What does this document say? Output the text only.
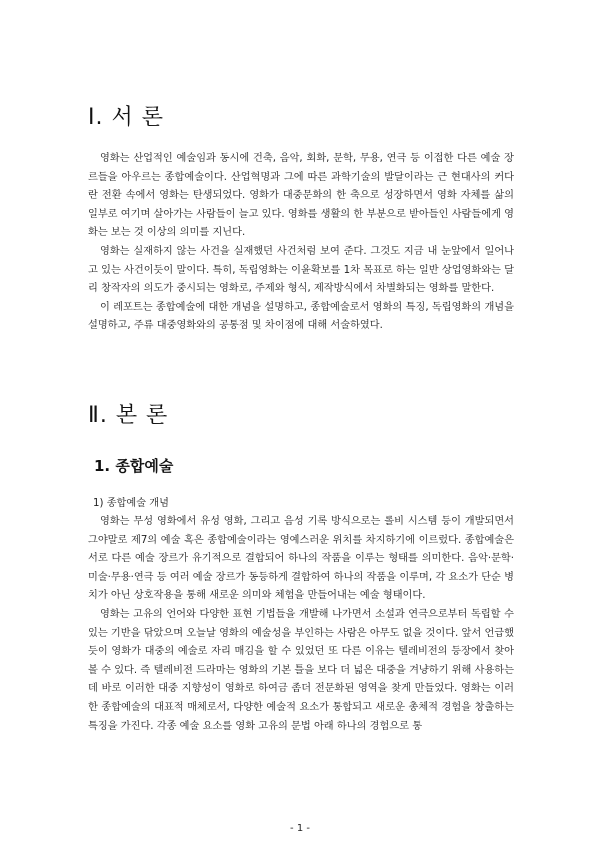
Ⅰ. 서 론

영화는 산업적인 예술임과 동시에 건축, 음악, 회화, 문학, 무용, 연극 등 이접한 다른 예술 장르들을 아우르는 종합예술이다. 산업혁명과 그에 따른 과학기술의 발달이라는 근 현대사의 커다란 전환 속에서 영화는 탄생되었다. 영화가 대중문화의 한 축으로 성장하면서 영화 자체를 삶의 일부로 여기며 살아가는 사람들이 늘고 있다. 영화를 생활의 한 부분으로 받아들인 사람들에게 영화는 보는 것 이상의 의미를 지닌다.

영화는 실재하지 않는 사건을 실재했던 사건처럼 보여 준다. 그것도 지금 내 눈앞에서 일어나고 있는 사건이듯이 말이다. 특히, 독립영화는 이윤확보를 1차 목표로 하는 일반 상업영화와는 달리 창작자의 의도가 중시되는 영화로, 주제와 형식, 제작방식에서 차별화되는 영화를 말한다.

이 레포트는 종합예술에 대한 개념을 설명하고, 종합예술로서 영화의 특징, 독립영화의 개념을 설명하고, 주류 대중영화와의 공통점 및 차이점에 대해 서술하였다.

Ⅱ. 본 론
1. 종합예술
1) 종합예술 개념

영화는 무성 영화에서 유성 영화, 그리고 음성 기록 방식으로는 롤비 시스템 등이 개발되면서 그야말로 제7의 예술 혹은 종합예술이라는 영예스러운 위치를 차지하기에 이르렀다. 종합예술은 서로 다른 예술 장르가 유기적으로 결합되어 하나의 작품을 이루는 형태를 의미한다. 음악·문학·미술·무용·연극 등 여러 예술 장르가 동등하게 결합하여 하나의 작품을 이루며, 각 요소가 단순 병치가 아닌 상호작용을 통해 새로운 의미와 체험을 만들어내는 예술 형태이다.

영화는 고유의 언어와 다양한 표현 기법들을 개발해 나가면서 소설과 연극으로부터 독립할 수 있는 기반을 닦았으며 오늘날 영화의 예술성을 부인하는 사람은 아무도 없을 것이다. 앞서 언급했듯이 영화가 대중의 예술로 자리 매김을 할 수 있었던 또 다른 이유는 텔레비전의 등장에서 찾아볼 수 있다. 즉 텔레비전 드라마는 영화의 기본 틀을 보다 더 넓은 대중을 겨냥하기 위해 사용하는데 바로 이러한 대중 지향성이 영화로 하여금 좀더 전문화된 영역을 찾게 만들었다. 영화는 이러한 종합예술의 대표적 매체로서, 다양한 예술적 요소가 통합되고 새로운 총체적 경험을 창출하는 특징을 가진다. 각종 예술 요소를 영화 고유의 문법 아래 하나의 경험으로 통

- 1 -
